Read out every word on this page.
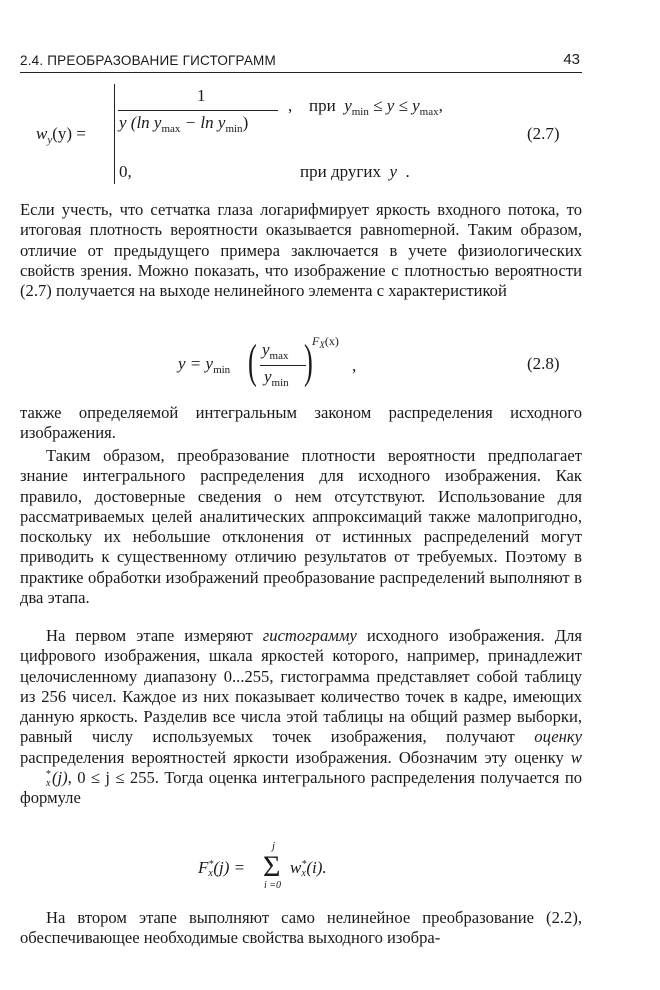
2.4. ПРЕОБРАЗОВАНИЕ ГИСТОГРАММ	43
$w_y(y)$ =
1
y (ln $y_{max} - \ln y_{min}$)
, при $y_{min} \le y \le y_{max}$,
(2.7)
0,	при других y .

Если учесть, что сетчатка глаза логарифмирует яркость входного потока, то итоговая плотность вероятности оказывается равноmерной. Таким образом, отличие от предыдущего примера заключается в учете физиологических свойств зрения. Можно показать, что изображение с плотностью вероятности (2.7) получается на выходе нелинейного элемента с характеристикой

$y = y_{min}$ ( $y_{max}$
$y_{min}$ ) $F_X(x)$
,	(2.8)

также определяемой интегральным законом распределения исходного изображения.

Таким образом, преобразование плотности вероятности предполагает знание интегрального распределения для исходного изображения. Как правило, достоверные сведения о нем отсутствуют. Использование для рассматриваемых целей аналитических аппроксимаций также малопригодно, поскольку их небольшие отклонения от истинных распределений могут приводить к существенному отличию результатов от требуемых. Поэтому в практике обработки изображений преобразование распределений выполняют в два этапа.

На первом этапе измеряют гистограмму исходного изображения. Для цифрового изображения, шкала яркостей которого, например, принадлежит целочисленному диапазону 0...255, гистограмма представляет собой таблицу из 256 чисел. Каждое из них показывает количество точек в кадре, имеющих данную яркость. Разделив все числа этой таблицы на общий размер выборки, равный числу используемых точек изображения, получают оценку распределения вероятностей яркости изображения. Обозначим эту оценку w
*
x (j), 0 ≤ j ≤ 255. Тогда оценка интегрального распределения получается по формуле

F *
x (j) =
j
Σ
i =0
w *
x (i).

На втором этапе выполняют само нелинейное преобразование (2.2), обеспечивающее необходимые свойства выходного изобра-
